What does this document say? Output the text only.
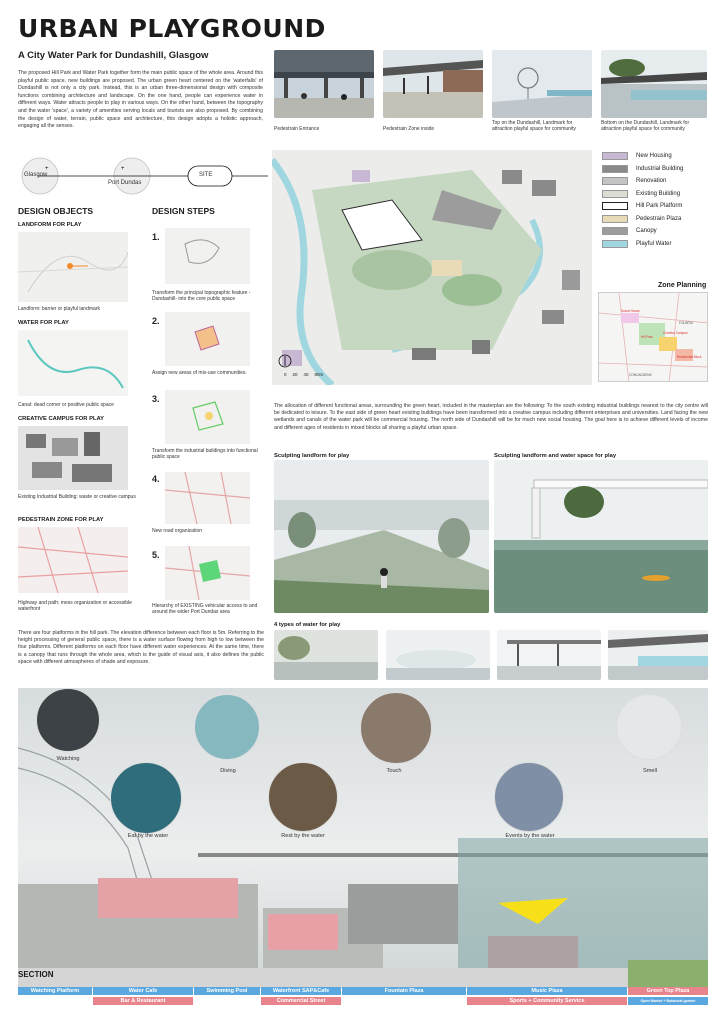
URBAN PLAYGROUND
A City Water Park for Dundashill, Glasgow
The proposed Hill Park and Water Park together form the main public space of the whole area. Around this playful public space, new buildings are proposed. The urban green heart centered on the 'waterfalls' of Dundashill is not only a city park. Instead, this is an urban three-dimensional design with composite functions combining architecture and landscape. On the one hand, people can experience water in different ways. Water attracts people to play in various ways. On the other hand, between the topography and the water 'space', a variety of amenities serving locals and tourists are also proposed. By combining the design of water, terrain, public space and architecture, this design adopts a holistic approach, engaging all the senses.	Pedestrain Entrance	Pedestrain Zone inside
Top on the Dundashill, Landmark for attraction playful space for community
Bottom on the Dundashill, Landmark for attraction playful space for community
+	+
Glasgow
Port Dundas
SITE
DESIGN OBJECTS
LANDFORM FOR PLAY
Landform: barrier or playful landmark
WATER FOR PLAY
Canal: dead corner or positive public space
CREATIVE CAMPUS FOR PLAY
Existing Industrial Building: waste or creative campus
PEDESTRAIN ZONE FOR PLAY
Highway and path: mess organization or accessible waterfront
DESIGN STEPS
1.
Transform the principal topographic feature - Dundashill- into the core public space
2.
Assign new areas of mix-use communities.
3.
Transform the industrial buildings into functional public space
4.
New road organization
5.
Hierarchy of EXISTING vehicular access to and around the wider Port Dundas area
There are four platforms in the hill park. The elevation difference between each floor is 5m. Referring to the height processing of general public space, there is a water surface flowing from high to low between the four platforms. Different platforms on each floor have different water experiences. At the same time, there is a canopy that runs through the whole area, which is the guide of visual axis, it also defines the public space with different atmospheres of shade and exposure.
0 20 40 80m
New Housing
Industrial Building
Renovation
Existing Building
Hill Park Platform
Pedestrain Plaza
Canopy
Playful Water
Zone Planning
Social House
Creative Campus
Hill Park
Residential Block
FOUNTAI
CONCADDENS
The allocation of different functional areas, surrounding the green heart, included in the masterplan are the following: To the south existing industrial buildings nearest to the city centre will be dedicated to leisure. To the east side of green heart existing buildings have been transformed into a creative campus including different enterprises and universities. Land facing the new wetlands and canals of the water park will be commercial housing. The north side of Dundashill will be for much new social housing. The goal here is to achieve different levels of income and different ages of residents in mixed blocks all sharing a playful urban space.
Sculpting landform for play	Sculpting landform and water space for play
4 types of water for play
Watching
Diving	Touch	Smell
Eat by the water	Rest by the water	Events by the water
SECTION
Watching Platform	Water Cafe	Swimming Pool	Waterfront SAP&Cafe	Fountain Plaza	Music Plaza	Green Top Plaza
Bar & Restaurant	Commercial Street	Sports + Community Service	Open Market + Botanical garden
